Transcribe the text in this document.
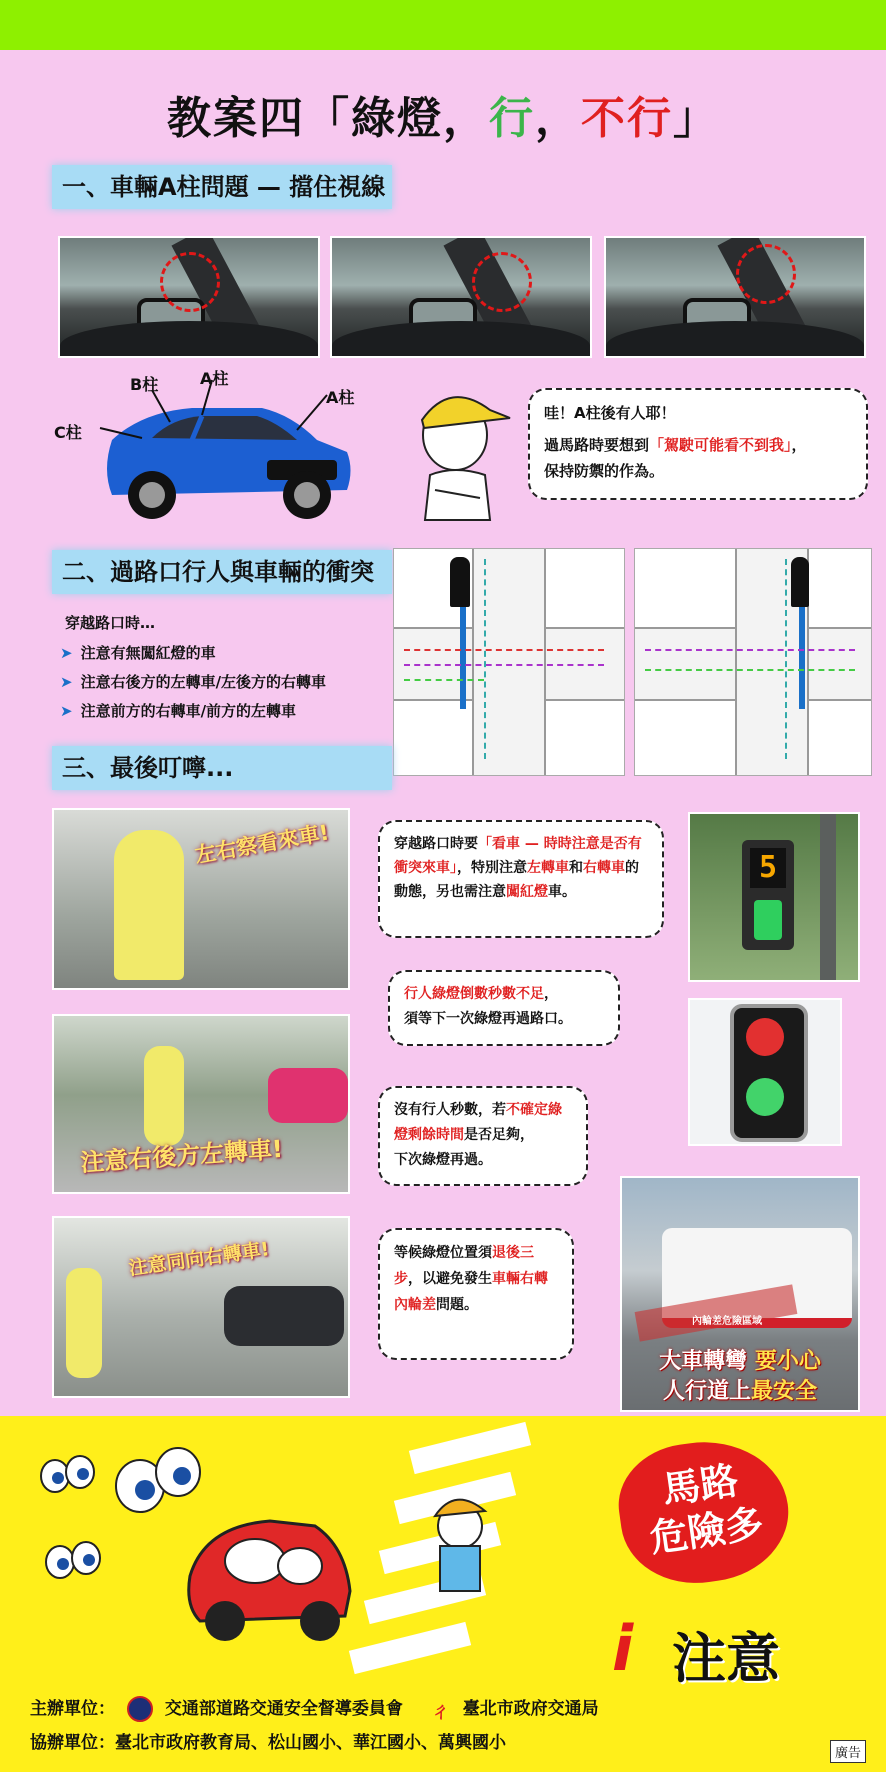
教案四「綠燈，行，不行」
一、車輛A柱問題 — 擋住視線
B柱	A柱
A柱
C柱
哇！A柱後有人耶！
過馬路時要想到「駕駛可能看不到我」，
保持防禦的作為。
二、過路口行人與車輛的衝突
穿越路口時…
➤ 注意有無闖紅燈的車
➤ 注意右後方的左轉車/左後方的右轉車
➤ 注意前方的右轉車/前方的左轉車
三、最後叮嚀...
左右察看來車!
注意右後方左轉車!
注意同向右轉車!
穿越路口時要「看車 — 時時注意是否有衝突來車」，特別注意左轉車和右轉車的動態，另也需注意闖紅燈車。
行人綠燈倒數秒數不足，
須等下一次綠燈再過路口。
沒有行人秒數，若不確定綠燈剩餘時間是否足夠，
下次綠燈再過。
等候綠燈位置須退後三步，以避免發生車輛右轉內輪差問題。
5
內輪差危險區域
大車轉彎 要小心
人行道上最安全
馬路
危險多
i 注意
主辦單位：	交通部道路交通安全督導委員會 ㄔ 臺北市政府交通局
協辦單位：臺北市政府教育局、松山國小、華江國小、萬興國小
廣告
